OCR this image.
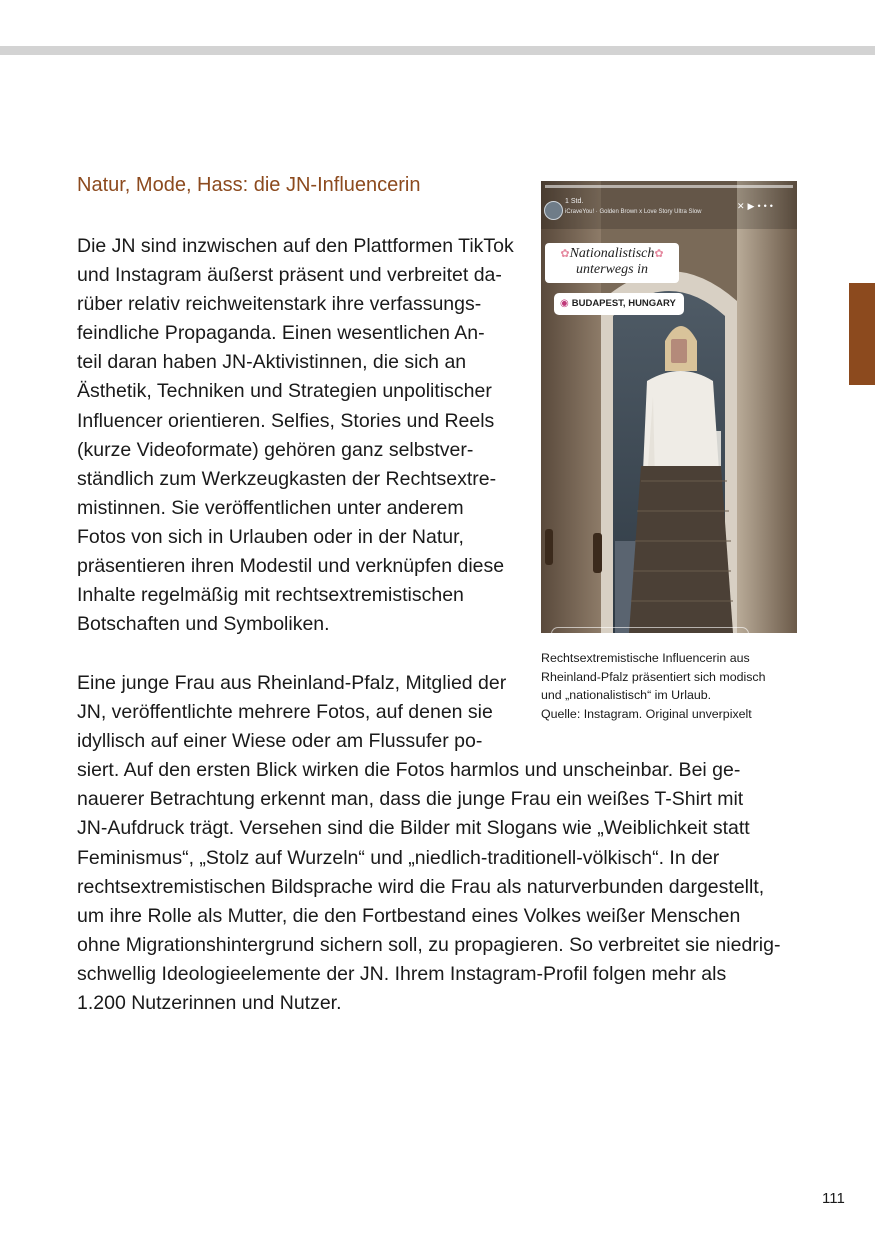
Natur, Mode, Hass: die JN-Influencerin
Die JN sind inzwischen auf den Plattformen TikTok
und Instagram äußerst präsent und verbreitet da-
rüber relativ reichweitenstark ihre verfassungs-
feindliche Propaganda. Einen wesentlichen An-
teil daran haben JN-Aktivistinnen, die sich an
Ästhetik, Techniken und Strategien unpolitischer
Influencer orientieren. Selfies, Stories und Reels
(kurze Videoformate) gehören ganz selbstver-
ständlich zum Werkzeugkasten der Rechtsextre-
mistinnen. Sie veröffentlichen unter anderem
Fotos von sich in Urlauben oder in der Natur,
präsentieren ihren Modestil und verknüpfen diese
Inhalte regelmäßig mit rechtsextremistischen
Botschaften und Symboliken.
Eine junge Frau aus Rheinland-Pfalz, Mitglied der
JN, veröffentlichte mehrere Fotos, auf denen sie
idyllisch auf einer Wiese oder am Flussufer po-
siert. Auf den ersten Blick wirken die Fotos harmlos und unscheinbar. Bei ge-
nauerer Betrachtung erkennt man, dass die junge Frau ein weißes T-Shirt mit
JN-Aufdruck trägt. Versehen sind die Bilder mit Slogans wie „Weiblichkeit statt
Feminismus“, „Stolz auf Wurzeln“ und „niedlich-traditionell-völkisch“. In der
rechtsextremistischen Bildsprache wird die Frau als naturverbunden dargestellt,
um ihre Rolle als Mutter, die den Fortbestand eines Volkes weißer Menschen
ohne Migrationshintergrund sichern soll, zu propagieren. So verbreitet sie niedrig-
schwellig Ideologieelemente der JN. Ihrem Instagram-Profil folgen mehr als
1.200 Nutzerinnen und Nutzer.
1 Std.
iCraveYou! · Golden Brown x Love Story Ultra Slow
✕▶•••
✿Nationalistisch✿
unterwegs in
◉ BUDAPEST, HUNGARY
Rechtsextremistische Influencerin aus
Rheinland-Pfalz präsentiert sich modisch
und „nationalistisch“ im Urlaub.
Quelle: Instagram. Original unverpixelt
111
